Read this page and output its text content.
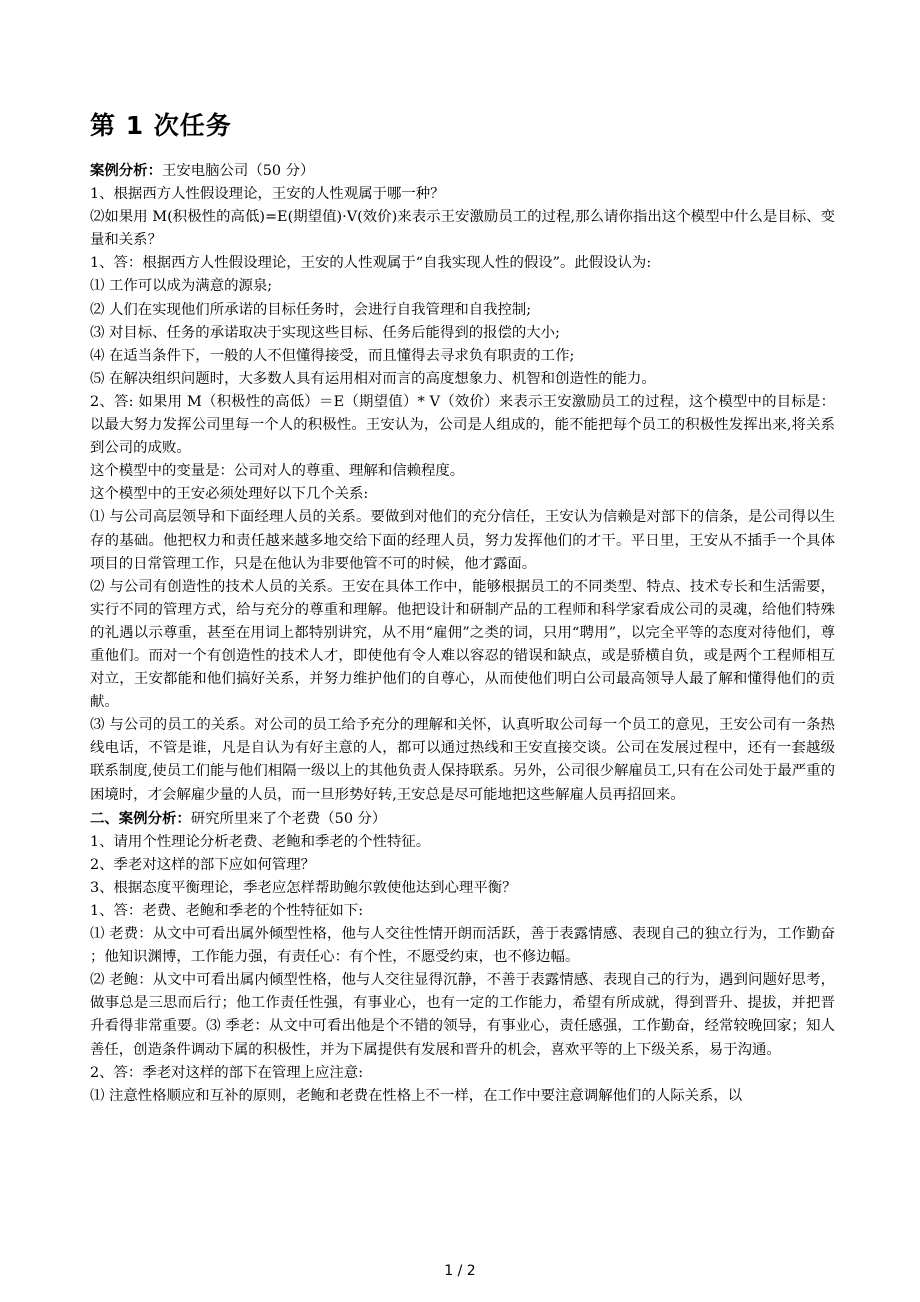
第 1 次任务

案例分析：王安电脑公司（50 分）

1、根据西方人性假设理论，王安的人性观属于哪一种？

⑵如果用 M(积极性的高低)=E(期望值)·V(效价)来表示王安激励员工的过程,那么请你指出这个模型中什么是目标、变量和关系？

1、答：根据西方人性假设理论，王安的人性观属于“自我实现人性的假设”。此假设认为:

⑴ 工作可以成为满意的源泉;

⑵ 人们在实现他们所承诺的目标任务时，会进行自我管理和自我控制;

⑶ 对目标、任务的承诺取决于实现这些目标、任务后能得到的报偿的大小;

⑷ 在适当条件下，一般的人不但懂得接受，而且懂得去寻求负有职责的工作;

⑸ 在解决组织问题时，大多数人具有运用相对而言的高度想象力、机智和创造性的能力。

2、答: 如果用 M（积极性的高低）＝E（期望值）* V（效价）来表示王安激励员工的过程，这个模型中的目标是：以最大努力发挥公司里每一个人的积极性。王安认为，公司是人组成的，能不能把每个员工的积极性发挥出来,将关系到公司的成败。

这个模型中的变量是：公司对人的尊重、理解和信赖程度。

这个模型中的王安必须处理好以下几个关系:

⑴ 与公司高层领导和下面经理人员的关系。要做到对他们的充分信任，王安认为信赖是对部下的信条，是公司得以生存的基础。他把权力和责任越来越多地交给下面的经理人员，努力发挥他们的才干。平日里，王安从不插手一个具体项目的日常管理工作，只是在他认为非要他管不可的时候，他才露面。

⑵ 与公司有创造性的技术人员的关系。王安在具体工作中，能够根据员工的不同类型、特点、技术专长和生活需要，实行不同的管理方式，给与充分的尊重和理解。他把设计和研制产品的工程师和科学家看成公司的灵魂，给他们特殊的礼遇以示尊重，甚至在用词上都特别讲究，从不用“雇佣”之类的词，只用“聘用”，以完全平等的态度对待他们，尊重他们。而对一个有创造性的技术人才，即使他有令人难以容忍的错误和缺点，或是骄横自负，或是两个工程师相互对立，王安都能和他们搞好关系，并努力维护他们的自尊心，从而使他们明白公司最高领导人最了解和懂得他们的贡献。

⑶ 与公司的员工的关系。对公司的员工给予充分的理解和关怀，认真听取公司每一个员工的意见，王安公司有一条热线电话，不管是谁，凡是自认为有好主意的人，都可以通过热线和王安直接交谈。公司在发展过程中，还有一套越级联系制度,使员工们能与他们相隔一级以上的其他负责人保持联系。另外，公司很少解雇员工,只有在公司处于最严重的困境时，才会解雇少量的人员，而一旦形势好转,王安总是尽可能地把这些解雇人员再招回来。

二、案例分析：研究所里来了个老费（50 分）

1、请用个性理论分析老费、老鲍和季老的个性特征。

2、季老对这样的部下应如何管理？

3、根据态度平衡理论，季老应怎样帮助鲍尔敦使他达到心理平衡？

1、答：老费、老鲍和季老的个性特征如下:

⑴ 老费：从文中可看出属外倾型性格，他与人交往性情开朗而活跃，善于表露情感、表现自己的独立行为，工作勤奋 ；他知识渊博，工作能力强，有责任心：有个性，不愿受约束，也不修边幅。

⑵ 老鲍：从文中可看出属内倾型性格，他与人交往显得沉静，不善于表露情感、表现自己的行为，遇到问题好思考，做事总是三思而后行；他工作责任性强，有事业心，也有一定的工作能力，希望有所成就，得到晋升、提拔，并把晋升看得非常重要。⑶ 季老：从文中可看出他是个不错的领导，有事业心，责任感强，工作勤奋，经常较晚回家；知人善任，创造条件调动下属的积极性，并为下属提供有发展和晋升的机会，喜欢平等的上下级关系，易于沟通。

2、答：季老对这样的部下在管理上应注意:

⑴ 注意性格顺应和互补的原则，老鲍和老费在性格上不一样，在工作中要注意调解他们的人际关系，以

1 / 2
